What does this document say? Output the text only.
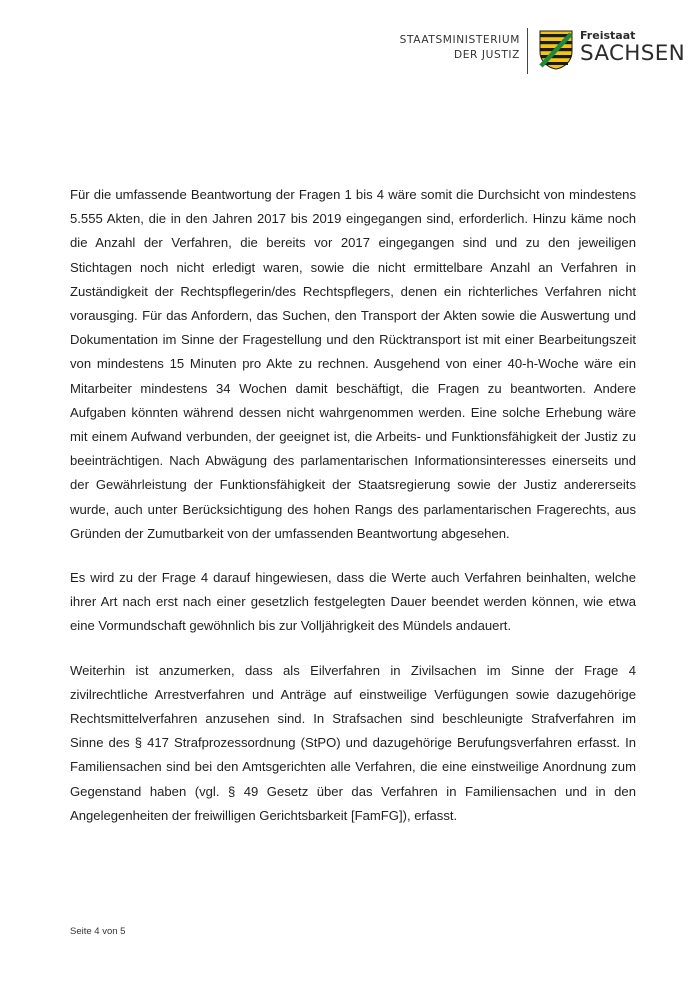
STAATSMINISTERIUM
DER JUSTIZ
Freistaat
SACHSEN

Für die umfassende Beantwortung der Fragen 1 bis 4 wäre somit die Durchsicht von mindestens 5.555 Akten, die in den Jahren 2017 bis 2019 eingegangen sind, erforderlich. Hinzu käme noch die Anzahl der Verfahren, die bereits vor 2017 eingegangen sind und zu den jeweiligen Stichtagen noch nicht erledigt waren, sowie die nicht ermittelbare Anzahl an Verfahren in Zuständigkeit der Rechtspflegerin/des Rechtspflegers, denen ein richterliches Verfahren nicht vorausging. Für das Anfordern, das Suchen, den Transport der Akten sowie die Auswertung und Dokumentation im Sinne der Fragestellung und den Rücktransport ist mit einer Bearbeitungszeit von mindestens 15 Minuten pro Akte zu rechnen. Ausgehend von einer 40-h-Woche wäre ein Mitarbeiter mindestens 34 Wochen damit beschäftigt, die Fragen zu beantworten. Andere Aufgaben könnten während dessen nicht wahrgenommen werden. Eine solche Erhebung wäre mit einem Aufwand verbunden, der geeignet ist, die Arbeits- und Funktionsfähigkeit der Justiz zu beeinträchtigen. Nach Abwägung des parlamentarischen Informationsinteresses einerseits und der Gewährleistung der Funktionsfähigkeit der Staatsregierung sowie der Justiz andererseits wurde, auch unter Berücksichtigung des hohen Rangs des parlamentarischen Fragerechts, aus Gründen der Zumutbarkeit von der umfassenden Beantwortung abgesehen.

Es wird zu der Frage 4 darauf hingewiesen, dass die Werte auch Verfahren beinhalten, welche ihrer Art nach erst nach einer gesetzlich festgelegten Dauer beendet werden können, wie etwa eine Vormundschaft gewöhnlich bis zur Volljährigkeit des Mündels andauert.

Weiterhin ist anzumerken, dass als Eilverfahren in Zivilsachen im Sinne der Frage 4 zivilrechtliche Arrestverfahren und Anträge auf einstweilige Verfügungen sowie dazugehörige Rechtsmittelverfahren anzusehen sind. In Strafsachen sind beschleunigte Strafverfahren im Sinne des § 417 Strafprozessordnung (StPO) und dazugehörige Berufungsverfahren erfasst. In Familiensachen sind bei den Amtsgerichten alle Verfahren, die eine einstweilige Anordnung zum Gegenstand haben (vgl. § 49 Gesetz über das Verfahren in Familiensachen und in den Angelegenheiten der freiwilligen Gerichtsbarkeit [FamFG]), erfasst.

Seite 4 von 5
